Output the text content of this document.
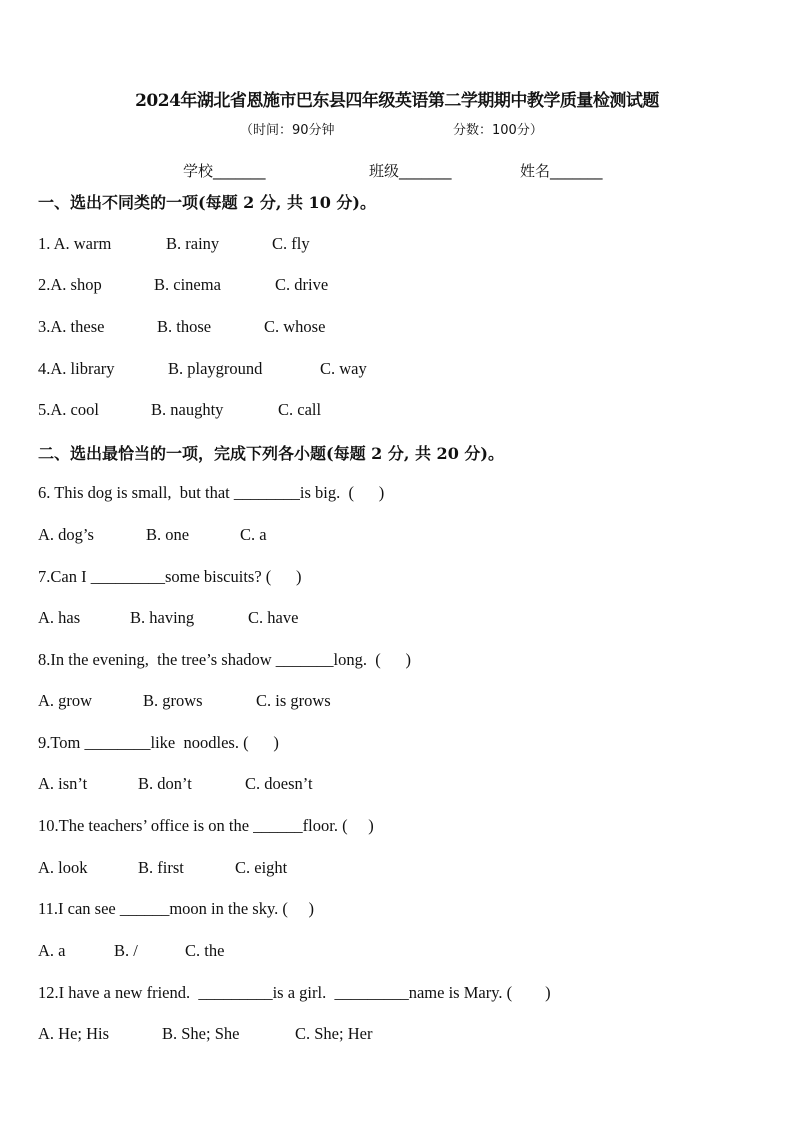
2024年湖北省恩施市巴东县四年级英语第二学期期中教学质量检测试题
（时间：90分钟	分数：100分）
学校_______	班级_______	姓名_______
一、选出不同类的一项(每题 2 分, 共 10 分)。
1. A. warm	B. rainy	C. fly
2.A. shop	B. cinema	C. drive
3.A. these	B. those	C. whose
4.A. library	B. playground	C. way
5.A. cool	B. naughty	C. call
二、选出最恰当的一项，完成下列各小题(每题 2 分, 共 20 分)。
6. This dog is small,  but that ________is big.  (      )
A. dog’s	B. one	C. a
7.Can I _________some biscuits? (      )
A. has	B. having	C. have
8.In the evening,  the tree’s shadow _______long.  (      )
A. grow	B. grows	C. is grows
9.Tom ________like  noodles. (      )
A. isn’t	B. don’t	C. doesn’t
10.The teachers’ office is on the ______floor. (     )
A. look	B. first	C. eight
11.I can see ______moon in the sky. (     )
A. a	B. /	C. the
12.I have a new friend.  _________is a girl.  _________name is Mary. (        )
A. He; His	B. She; She	C. She; Her
